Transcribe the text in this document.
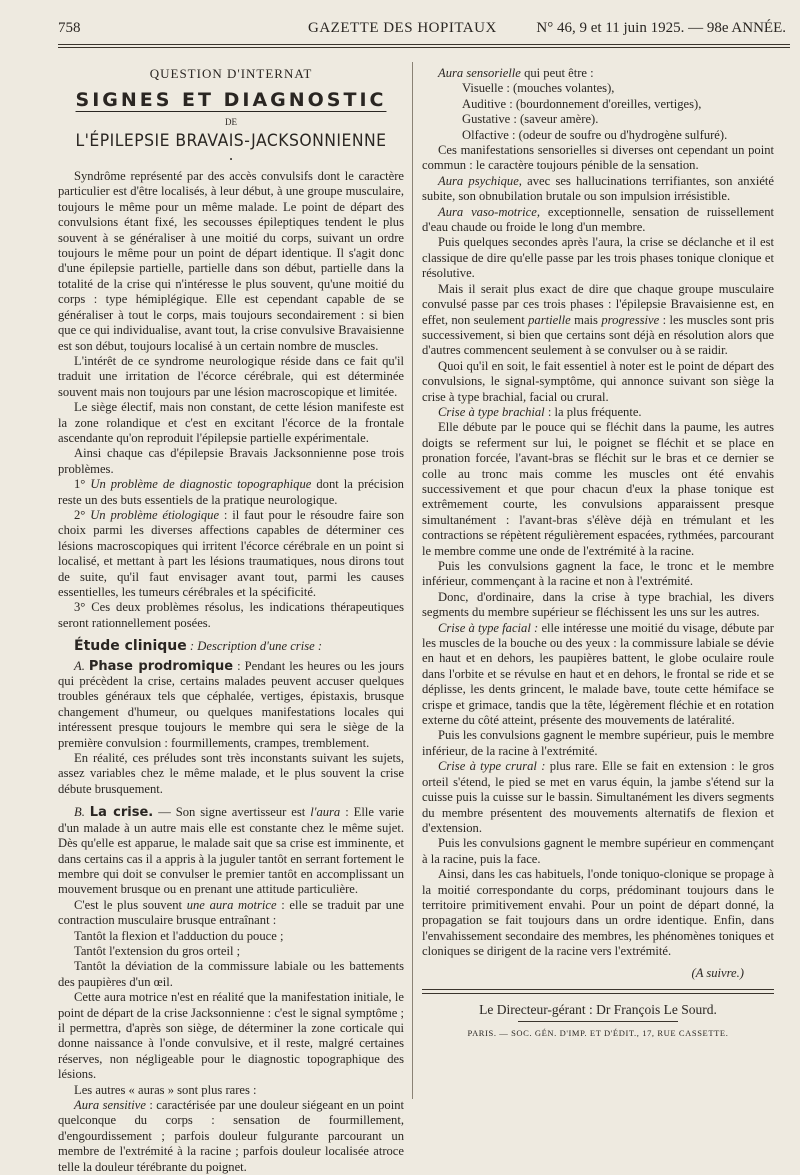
758	GAZETTE DES HOPITAUX	N° 46, 9 et 11 juin 1925. — 98e ANNÉE.
QUESTION D'INTERNAT
SIGNES ET DIAGNOSTIC
DE
L'ÉPILEPSIE BRAVAIS-JACKSONNIENNE
•

Syndrôme représenté par des accès convulsifs dont le caractère particulier est d'être localisés, à leur début, à une groupe musculaire, toujours le même pour un même malade. Le point de départ des convulsions étant fixé, les secousses épileptiques tendent le plus souvent à se généraliser à une moitié du corps, suivant un ordre toujours le même pour un point de départ identique. Il s'agit donc d'une épilepsie partielle, partielle dans son début, partielle dans la totalité de la crise qui n'intéresse le plus souvent, qu'une moitié du corps : type hémiplégique. Elle est cependant capable de se généraliser à tout le corps, mais toujours secondairement : si bien que ce qui individualise, avant tout, la crise convulsive Bravaisienne est son début, toujours localisé à un certain nombre de muscles.

L'intérêt de ce syndrome neurologique réside dans ce fait qu'il traduit une irritation de l'écorce cérébrale, qui est déterminée souvent mais non toujours par une lésion macroscopique et limitée.

Le siège électif, mais non constant, de cette lésion manifeste est la zone rolandique et c'est en excitant l'écorce de la frontale ascendante qu'on reproduit l'épilepsie partielle expérimentale.

Ainsi chaque cas d'épilepsie Bravais Jacksonnienne pose trois problèmes.

1° Un problème de diagnostic topographique dont la précision reste un des buts essentiels de la pratique neurologique.

2° Un problème étiologique : il faut pour le résoudre faire son choix parmi les diverses affections capables de déterminer ces lésions macroscopiques qui irritent l'écorce cérébrale en un point si localisé, et mettant à part les lésions traumatiques, nous dirons tout de suite, qu'il faut envisager avant tout, parmi les causes essentielles, les tumeurs cérébrales et la spécificité.

3° Ces deux problèmes résolus, les indications thérapeutiques seront rationnellement posées.

Étude clinique : Description d'une crise :

A. Phase prodromique : Pendant les heures ou les jours qui précèdent la crise, certains malades peuvent accuser quelques troubles généraux tels que céphalée, vertiges, épistaxis, brusque changement d'humeur, ou quelques manifestations locales qui intéressent presque toujours le membre qui sera le siège de la première convulsion : fourmillements, crampes, tremblement.

En réalité, ces préludes sont très inconstants suivant les sujets, assez variables chez le même malade, et le plus souvent la crise débute brusquement.

B. La crise. — Son signe avertisseur est l'aura : Elle varie d'un malade à un autre mais elle est constante chez le même sujet. Dès qu'elle est apparue, le malade sait que sa crise est imminente, et dans certains cas il a appris à la juguler tantôt en serrant fortement le membre qui doit se convulser le premier tantôt en accomplissant un mouvement brusque ou en prenant une attitude particulière.

C'est le plus souvent une aura motrice : elle se traduit par une contraction musculaire brusque entraînant :

Tantôt la flexion et l'adduction du pouce ;

Tantôt l'extension du gros orteil ;

Tantôt la déviation de la commissure labiale ou les battements des paupières d'un œil.

Cette aura motrice n'est en réalité que la manifestation initiale, le point de départ de la crise Jacksonnienne : c'est le signal symptôme ; il permettra, d'après son siège, de déterminer la zone corticale qui donne naissance à l'onde convulsive, et il reste, malgré certaines réserves, non négligeable pour le diagnostic topographique des lésions.

Les autres « auras » sont plus rares :

Aura sensitive : caractérisée par une douleur siégeant en un point quelconque du corps : sensation de fourmillement, d'engourdissement ; parfois douleur fulgurante parcourant un membre de l'extrémité à la racine ; parfois douleur localisée atroce telle la douleur térébrante du poignet.

Aura sensorielle qui peut être :

Visuelle : (mouches volantes),

Auditive : (bourdonnement d'oreilles, vertiges),

Gustative : (saveur amère).

Olfactive : (odeur de soufre ou d'hydrogène sulfuré).

Ces manifestations sensorielles si diverses ont cependant un point commun : le caractère toujours pénible de la sensation.

Aura psychique, avec ses hallucinations terrifiantes, son anxiété subite, son obnubilation brutale ou son impulsion irrésistible.

Aura vaso-motrice, exceptionnelle, sensation de ruissellement d'eau chaude ou froide le long d'un membre.

Puis quelques secondes après l'aura, la crise se déclanche et il est classique de dire qu'elle passe par les trois phases tonique clonique et résolutive.

Mais il serait plus exact de dire que chaque groupe musculaire convulsé passe par ces trois phases : l'épilepsie Bravaisienne est, en effet, non seulement partielle mais progressive : les muscles sont pris successivement, si bien que certains sont déjà en résolution alors que d'autres commencent seulement à se convulser ou à se raidir.

Quoi qu'il en soit, le fait essentiel à noter est le point de départ des convulsions, le signal-symptôme, qui annonce suivant son siège la crise à type brachial, facial ou crural.

Crise à type brachial : la plus fréquente.

Elle débute par le pouce qui se fléchit dans la paume, les autres doigts se referment sur lui, le poignet se fléchit et se place en pronation forcée, l'avant-bras se fléchit sur le bras et ce dernier se colle au tronc mais comme les muscles ont été envahis successivement et que pour chacun d'eux la phase tonique est extrêmement courte, les convulsions apparaissent presque simultanément : l'avant-bras s'élève déjà en trémulant et les contractions se répètent régulièrement espacées, rythmées, parcourant le membre comme une onde de l'extrémité à la racine.

Puis les convulsions gagnent la face, le tronc et le membre inférieur, commençant à la racine et non à l'extrémité.

Donc, d'ordinaire, dans la crise à type brachial, les divers segments du membre supérieur se fléchissent les uns sur les autres.

Crise à type facial : elle intéresse une moitié du visage, débute par les muscles de la bouche ou des yeux : la commissure labiale se dévie en haut et en dehors, les paupières battent, le globe oculaire roule dans l'orbite et se révulse en haut et en dehors, le frontal se ride et se déplisse, les dents grincent, le malade bave, toute cette hémiface se crispe et grimace, tandis que la tête, légèrement fléchie et en rotation externe du côté atteint, présente des mouvements de latéralité.

Puis les convulsions gagnent le membre supérieur, puis le membre inférieur, de la racine à l'extrémité.

Crise à type crural : plus rare. Elle se fait en extension : le gros orteil s'étend, le pied se met en varus équin, la jambe s'étend sur la cuisse puis la cuisse sur le bassin. Simultanément les divers segments du membre présentent des mouvements alternatifs de flexion et d'extension.

Puis les convulsions gagnent le membre supérieur en commençant à la racine, puis la face.

Ainsi, dans les cas habituels, l'onde toniquo-clonique se propage à la moitié correspondante du corps, prédominant toujours dans le territoire primitivement envahi. Pour un point de départ donné, la propagation se fait toujours dans un ordre identique. Enfin, dans l'envahissement secondaire des membres, les phénomènes toniques et cloniques se dirigent de la racine vers l'extrémité.

(A suivre.)
Le Directeur-gérant : Dr François Le Sourd.
PARIS. — SOC. GÉN. D'IMP. ET D'ÉDIT., 17, RUE CASSETTE.
